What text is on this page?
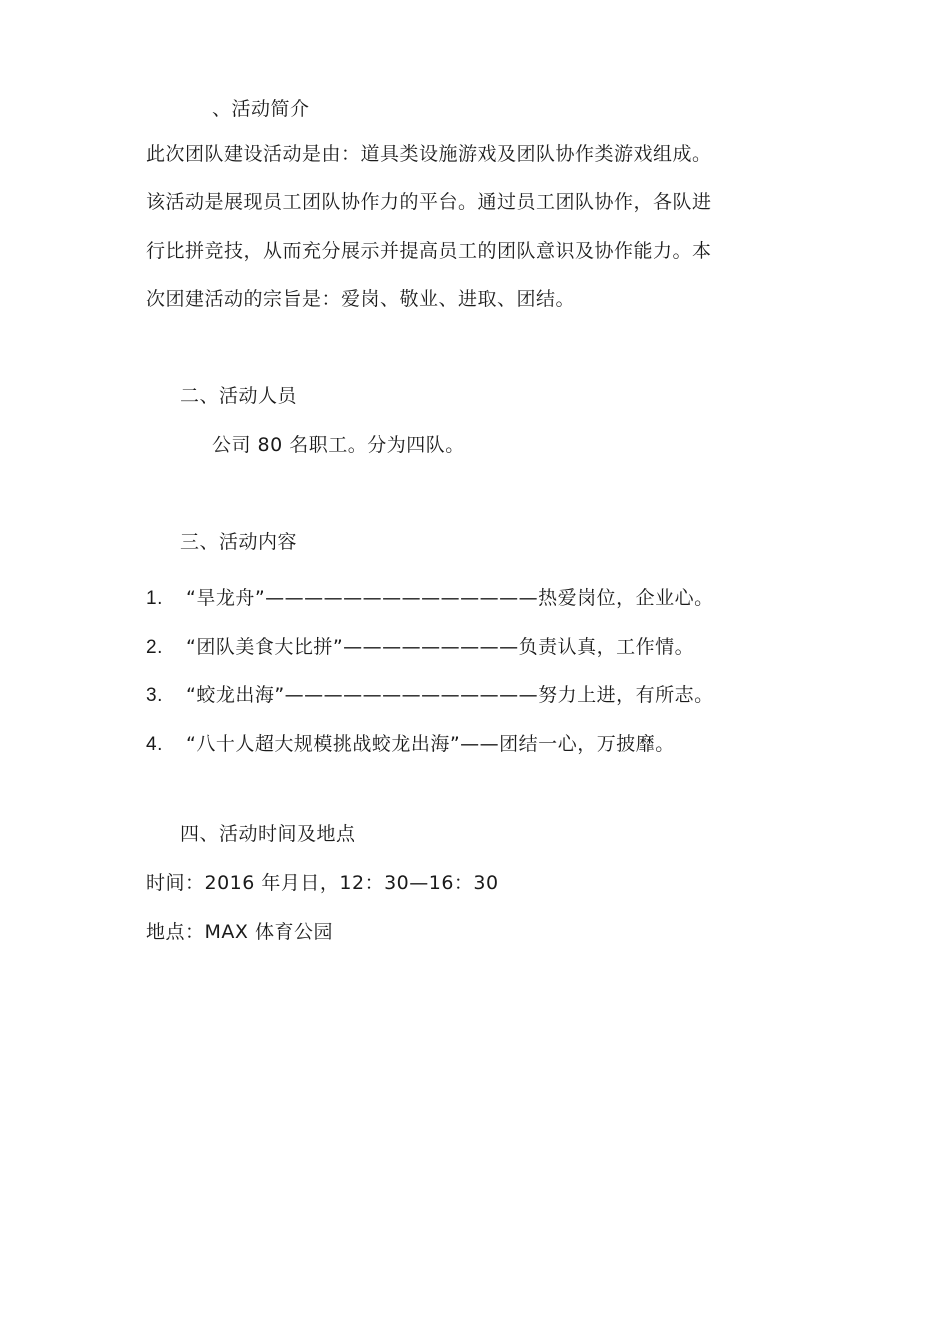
、活动简介
此次团队建设活动是由：道具类设施游戏及团队协作类游戏组成。
该活动是展现员工团队协作力的平台。通过员工团队协作，各队进
行比拼竞技，从而充分展示并提高员工的团队意识及协作能力。本
次团建活动的宗旨是：爱岗、敬业、进取、团结。
二、活动人员
公司 80 名职工。分为四队。
三、活动内容
1. “旱龙舟”——————————————热爱岗位，企业心。
2. “团队美食大比拼”—————————负责认真，工作情。
3. “蛟龙出海”—————————————努力上进，有所志。
4. “八十人超大规模挑战蛟龙出海”——团结一心，万披靡。
四、活动时间及地点
时间：2016 年月日，12：30—16：30
地点：MAX 体育公园
